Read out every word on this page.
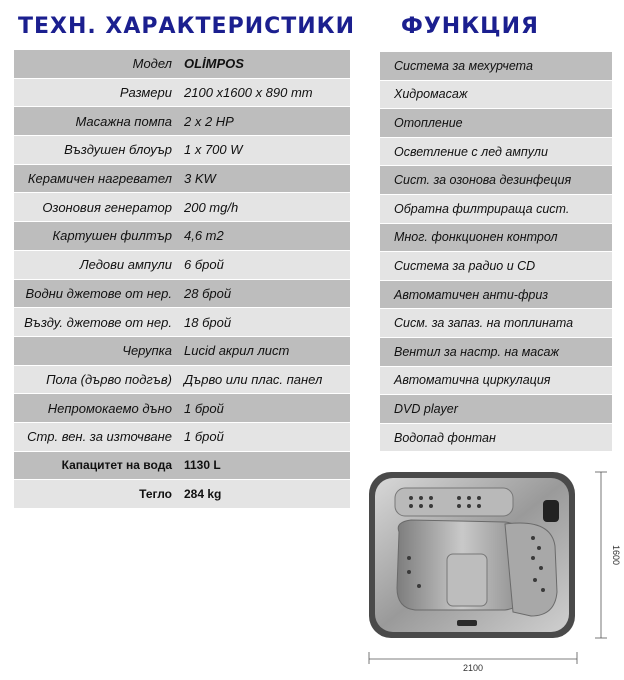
ТЕХН. ХАРАКТЕРИСТИКИ ФУНКЦИЯ
Модел OLİMPOS
Размери 2100 x1600 x 890 mm
Масажна помпа 2 x 2 HP
Въздушен блоуър 1 x 700 W
Керамичен нагревател 3 KW
Озоновия генератор 200 mg/h
Картушен филтър 4,6 m2
Ледови ампули 6 брой
Водни джетове от нер. 28 брой
Възду. джетове от нер. 18 брой
Черупка Lucid акрил лист
Пола (дърво подгъв) Дърво или плас. панел
Непромокаемо дъно 1 брой
Стр. вен. за източване 1 брой
Капацитет на вода	1130 L
Тегло	284 kg
Система за мехурчета
Хидромасаж
Отопление
Осветление с лед ампули
Сист. за озонова дезинфеция
Обратна филтрираща сист.
Мног. фонкционен контрол
Система за радио и CD
Автоматичен анти-фриз
Сисм. за запаз. на топлината
Вентил за настр. на масаж
Автоматична циркулация
DVD player
Водопад фонтан
2100
1600
